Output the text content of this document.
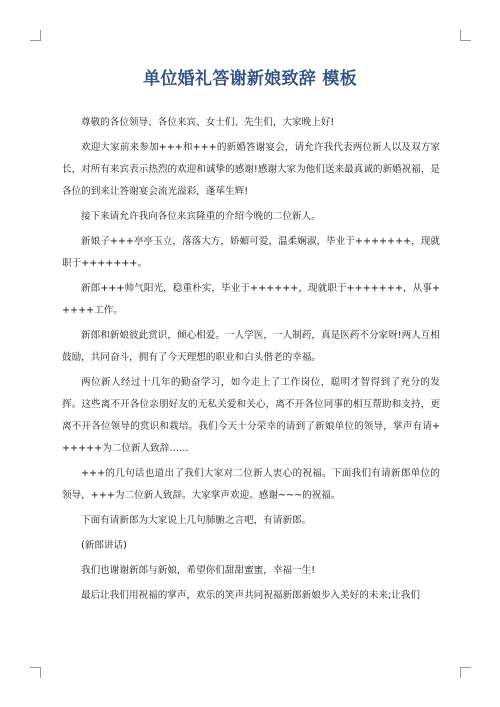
单位婚礼答谢新娘致辞 模板

尊敬的各位领导、各位来宾、女士们、先生们，大家晚上好!

欢迎大家前来参加+++和+++的新婚答谢宴会，请允许我代表两位新人以及双方家长，对所有来宾表示热烈的欢迎和诚挚的感谢!感谢大家为他们送来最真诚的新婚祝福，是各位的到来让答谢宴会流光溢彩，蓬荜生辉!

接下来请允许我向各位来宾隆重的介绍今晚的二位新人。

新娘子+++亭亭玉立，落落大方，娇媚可爱，温柔娴淑，毕业于+++++++，现就职于+++++++。

新郎+++帅气阳光，稳重朴实，毕业于++++++，现就职于+++++++，从事+++++工作。

新郎和新娘彼此赏识，倾心相爱。一人学医，一人制药，真是医药不分家呀!两人互相鼓励，共同奋斗，拥有了今天理想的职业和白头偕老的幸福。

两位新人经过十几年的勤奋学习，如今走上了工作岗位，聪明才智得到了充分的发挥。这些离不开各位亲朋好友的无私关爱和关心，离不开各位同事的相互帮助和支持，更离不开各位领导的赏识和栽培。我们今天十分荣幸的请到了新娘单位的领导，掌声有请++++++为二位新人致辞……

+++的几句话也道出了我们大家对二位新人衷心的祝福。下面我们有请新郎单位的领导，+++为二位新人致辞。大家掌声欢迎。感谢~~~的祝福。

下面有请新郎为大家说上几句肺腑之言吧，有请新郎。

(新郎讲话)

我们也谢谢新郎与新娘，希望你们甜甜蜜蜜，幸福一生!

最后让我们用祝福的掌声，欢乐的笑声共同祝福新郎新娘步入美好的未来;让我们
